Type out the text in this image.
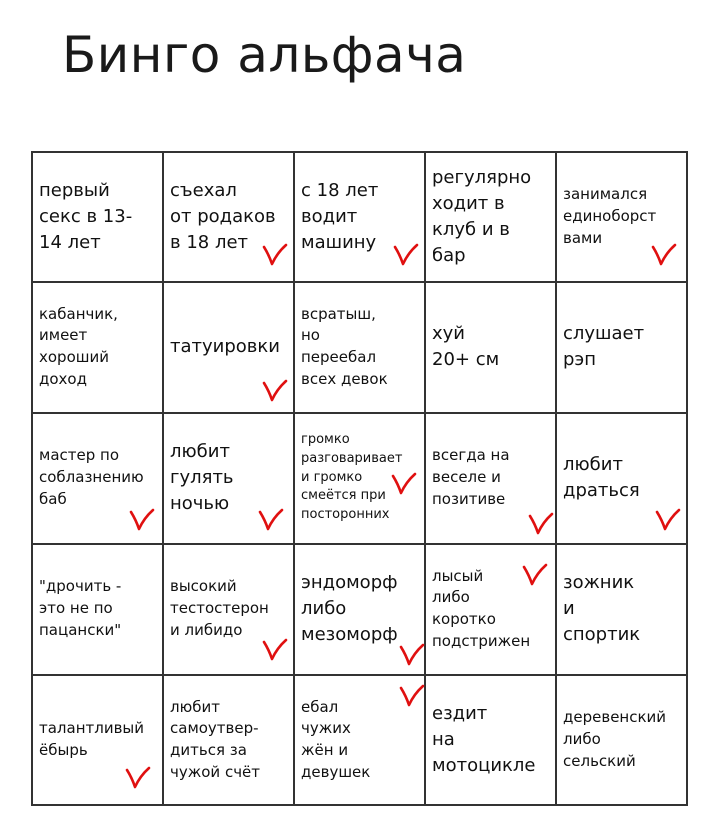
Бинго альфача
первый
секс в 13-
14 лет
съехал
от родаков
в 18 лет
с 18 лет
водит
машину
регулярно
ходит в
клуб и в
бар
занимался
единоборст
вами
кабанчик,
имеет
хороший
доход
татуировки
всратыш,
но
переебал
всех девок
хуй
20+ см
слушает
рэп
мастер по
соблазнению
баб
любит
гулять
ночью
громко
разговаривает
и громко
смеётся при
посторонних
всегда на
веселе и
позитиве
любит
драться
"дрочить -
это не по
пацански"
высокий
тестостерон
и либидо
эндоморф
либо
мезоморф
лысый
либо
коротко
подстрижен
зожник
и
спортик
талантливый
ёбырь
любит
самоутвер-
диться за
чужой счёт
ебал
чужих
жён и
девушек
ездит
на
мотоцикле
деревенский
либо
сельский
